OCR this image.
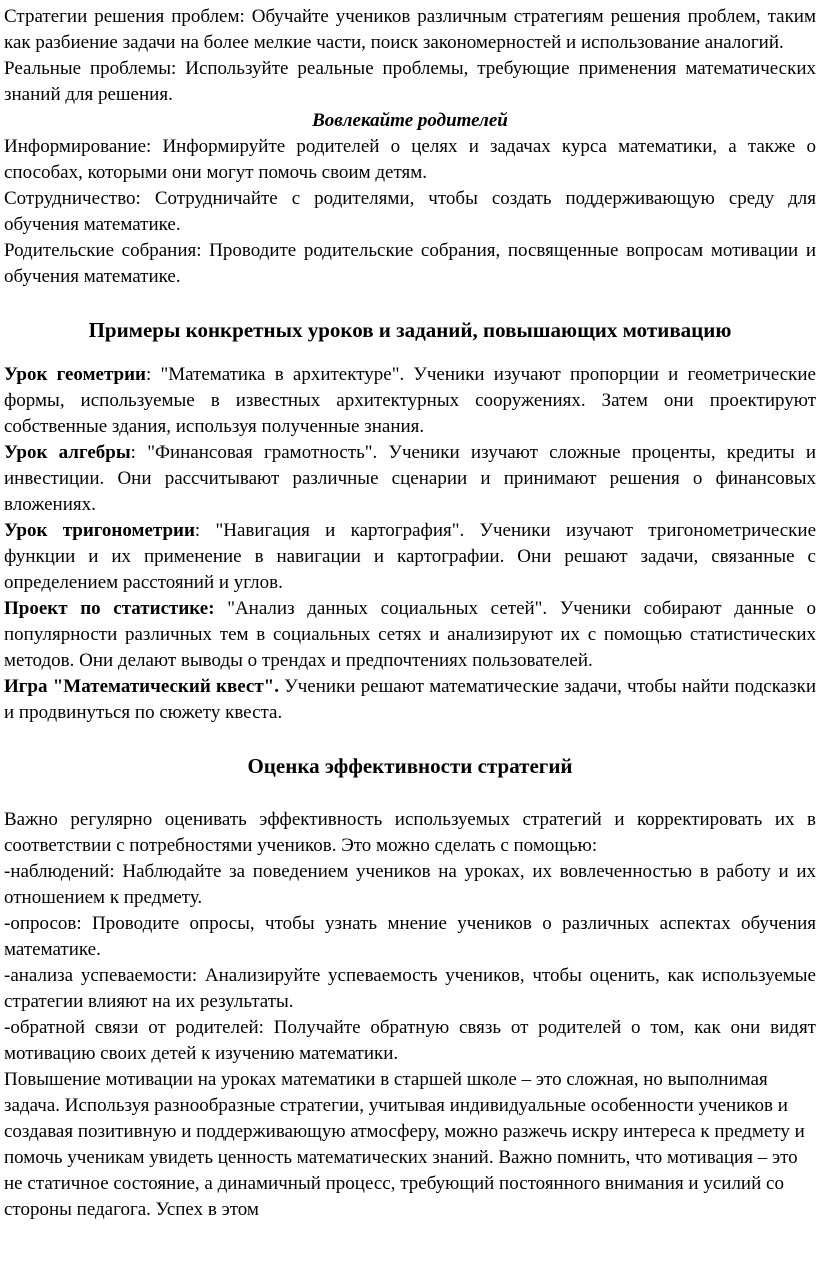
Стратегии решения проблем: Обучайте учеников различным стратегиям решения проблем, таким как разбиение задачи на более мелкие части, поиск закономерностей и использование аналогий.

Реальные проблемы: Используйте реальные проблемы, требующие применения математических знаний для решения.

Вовлекайте родителей

Информирование: Информируйте родителей о целях и задачах курса математики, а также о способах, которыми они могут помочь своим детям.

Сотрудничество: Сотрудничайте с родителями, чтобы создать поддерживающую среду для обучения математике.

Родительские собрания: Проводите родительские собрания, посвященные вопросам мотивации и обучения математике.

Примеры конкретных уроков и заданий, повышающих мотивацию

Урок геометрии: "Математика в архитектуре". Ученики изучают пропорции и геометрические формы, используемые в известных архитектурных сооружениях. Затем они проектируют собственные здания, используя полученные знания.

Урок алгебры: "Финансовая грамотность". Ученики изучают сложные проценты, кредиты и инвестиции. Они рассчитывают различные сценарии и принимают решения о финансовых вложениях.

Урок тригонометрии: "Навигация и картография". Ученики изучают тригонометрические функции и их применение в навигации и картографии. Они решают задачи, связанные с определением расстояний и углов.

Проект по статистике: "Анализ данных социальных сетей". Ученики собирают данные о популярности различных тем в социальных сетях и анализируют их с помощью статистических методов. Они делают выводы о трендах и предпочтениях пользователей.

Игра "Математический квест". Ученики решают математические задачи, чтобы найти подсказки и продвинуться по сюжету квеста.

Оценка эффективности стратегий

Важно регулярно оценивать эффективность используемых стратегий и корректировать их в соответствии с потребностями учеников. Это можно сделать с помощью:

-наблюдений: Наблюдайте за поведением учеников на уроках, их вовлеченностью в работу и их отношением к предмету.

-опросов: Проводите опросы, чтобы узнать мнение учеников о различных аспектах обучения математике.

-анализа успеваемости: Анализируйте успеваемость учеников, чтобы оценить, как используемые стратегии влияют на их результаты.

-обратной связи от родителей: Получайте обратную связь от родителей о том, как они видят мотивацию своих детей к изучению математики.

Повышение мотивации на уроках математики в старшей школе – это сложная, но выполнимая задача. Используя разнообразные стратегии, учитывая индивидуальные особенности учеников и создавая позитивную и поддерживающую атмосферу, можно разжечь искру интереса к предмету и помочь ученикам увидеть ценность математических знаний. Важно помнить, что мотивация – это не статичное состояние, а динамичный процесс, требующий постоянного внимания и усилий со стороны педагога. Успех в этом
